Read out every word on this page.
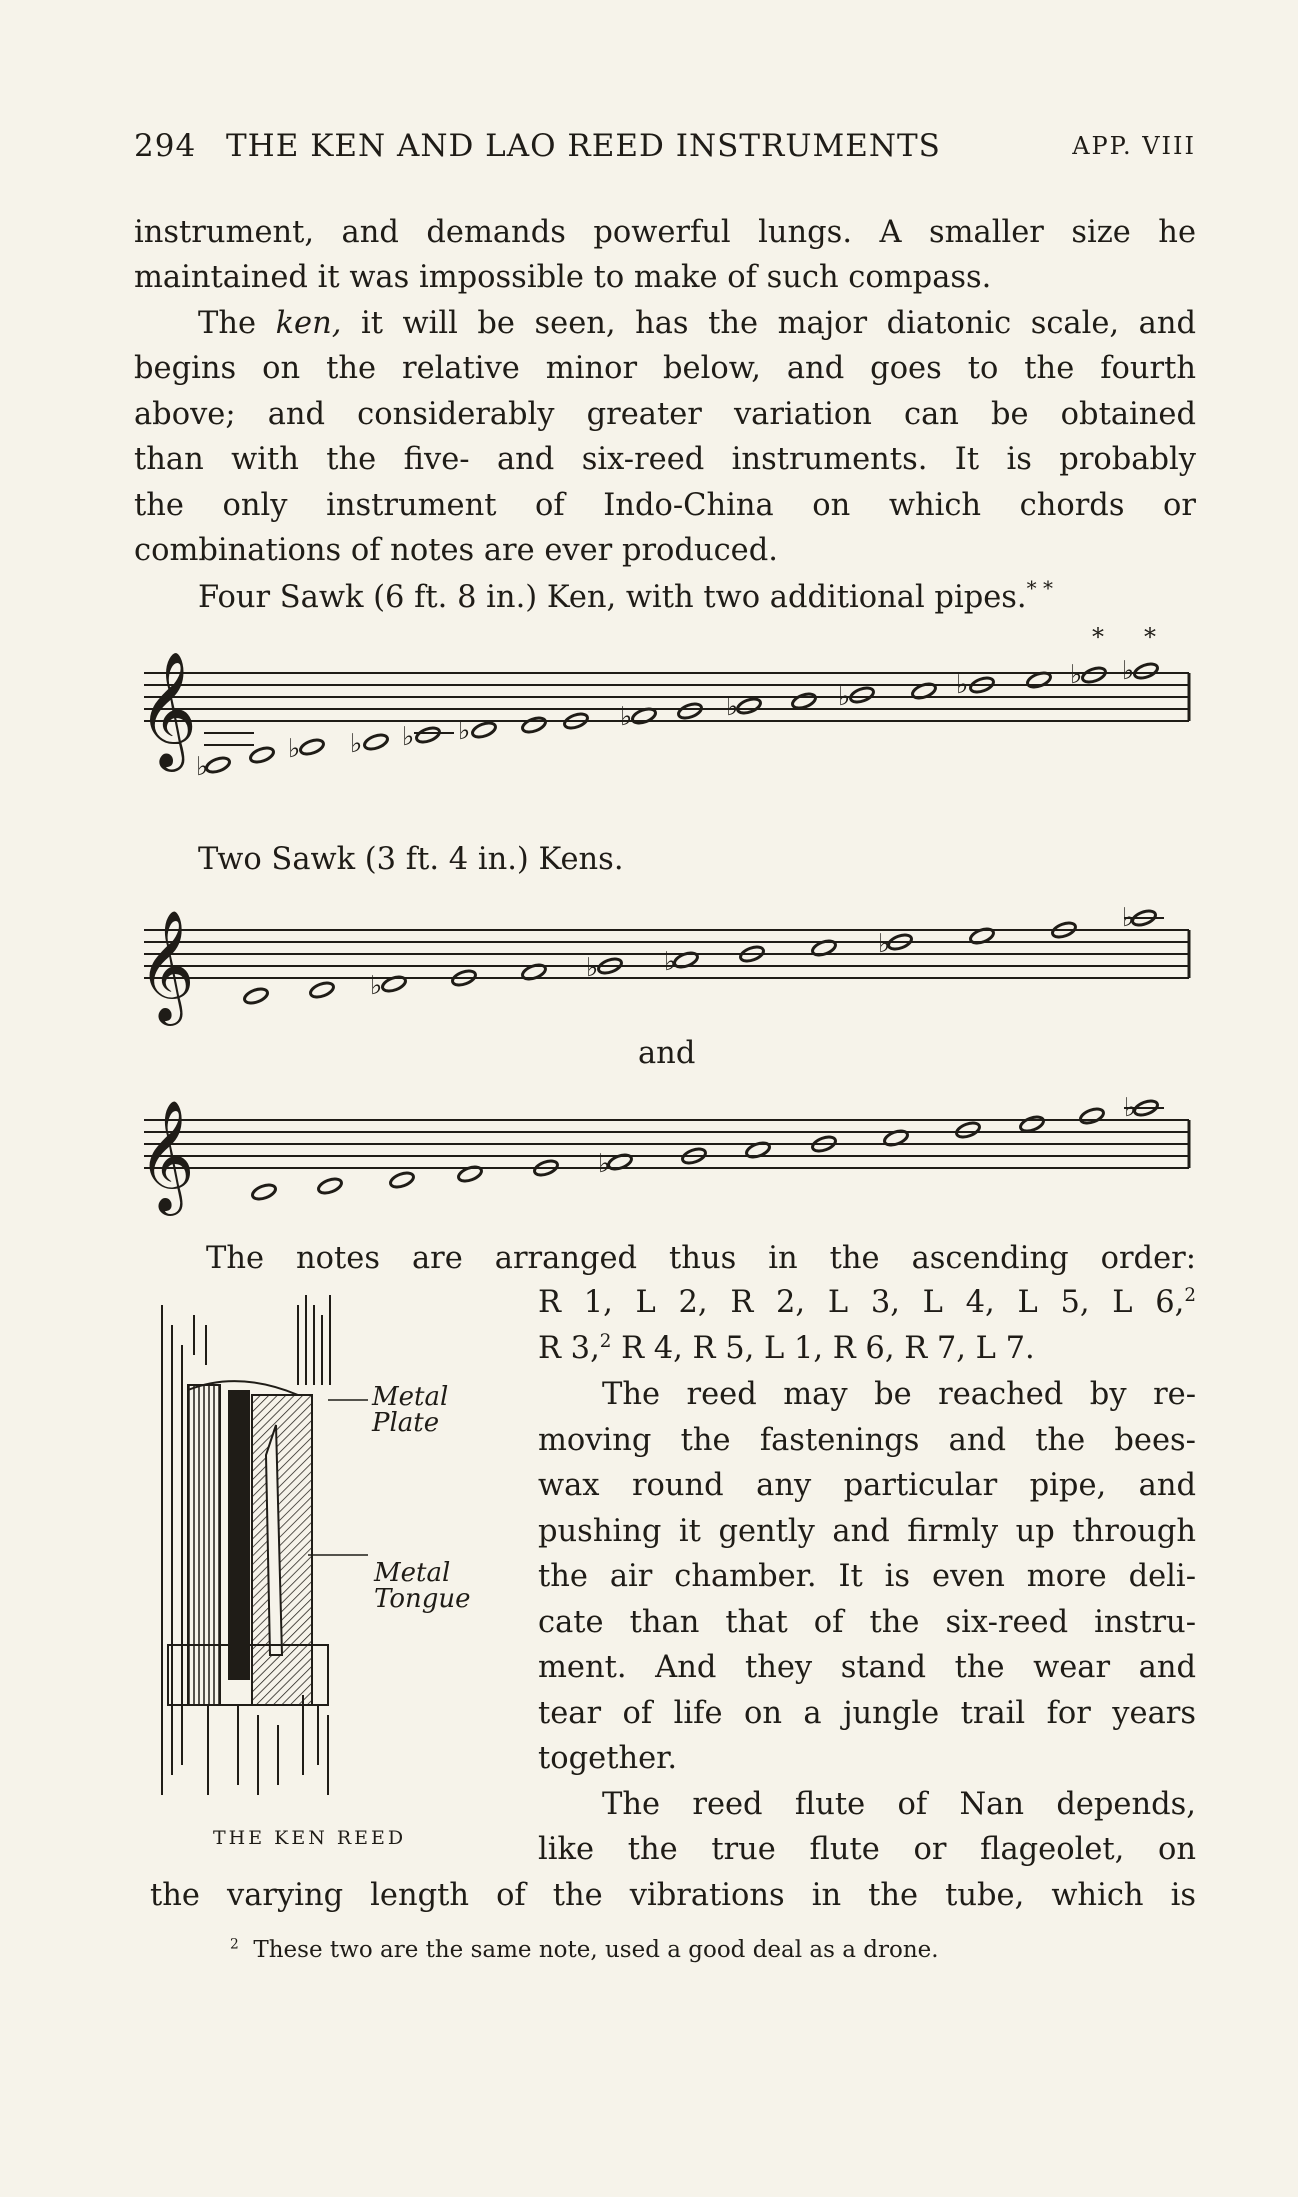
294 THE KEN AND LAO REED INSTRUMENTS	APP. VIII
instrument, and demands powerful lungs. A smaller size he
maintained it was impossible to make of such compass.
The ken, it will be seen, has the major diatonic scale, and
begins on the relative minor below, and goes to the fourth
above; and considerably greater variation can be obtained
than with the five- and six-reed instruments. It is probably
the only instrument of Indo-China on which chords or
combinations of notes are ever produced.
Four Sawk (6 ft. 8 in.) Ken, with two additional pipes.* *
𝄞
♭
♭ ♭ ♭ ♭	♭	♭	♭	♭	♭ ♭
* *
Two Sawk (3 ft. 4 in.) Kens.
𝄞	♭
♭	♭
♭
♭
and
𝄞	♭
♭
The notes are arranged thus in the ascending order:
R 1, L 2, R 2, L 3, L 4, L 5, L 6,$^2$
R 3,$^2$ R 4, R 5, L 1, R 6, R 7, L 7.
Metal
Plate
Metal
Tongue
THE KEN REED
The reed may be reached by re-
moving the fastenings and the bees-
wax round any particular pipe, and
pushing it gently and firmly up through
the air chamber. It is even more deli-
cate than that of the six-reed instru-
ment. And they stand the wear and
tear of life on a jungle trail for years
together.
The reed flute of Nan depends,
like the true flute or flageolet, on
the varying length of the vibrations in the tube, which is
$^2$ These two are the same note, used a good deal as a drone.
